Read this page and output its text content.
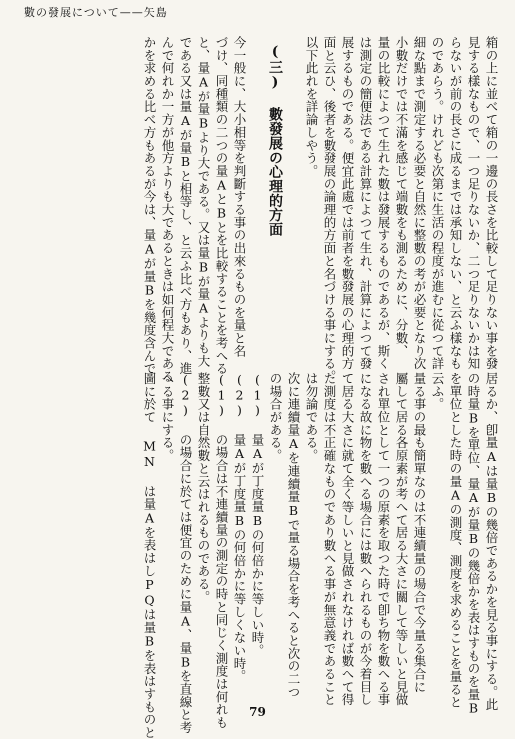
數の發展について——矢島
箱の上に並べて箱の一邊の長さを比較して足りない事を發
見する樣なもので、一つ足りないか、二つ足りないかは知
らないが前の長さに成るまでは承知しない、と云ふ樣なも
のであらう。けれども次第に生活の程度が進むに從つて詳
細な點まで測定する必要と自然に整數の考が必要となり次
小數だけでは不滿を感じて端數をも測るために、分數、
量の比較によつて生れた數は發展するものであるが、斯く
は測定の簡便法である計算によつて生れ、計算によつて發
展するものである。便宜此處では前者を數發展の心理的方
面と云ひ、後者を數發展の論理的方面と名づける事にする。
以下此れを詳論しやう。

(三) 數發展の心理的方面

今一般に、大小相等を判斷する事の出來るものを量と名
づけ、同種類の二つの量AとBとを比較することを考へる
と、量Aが量Bより大である。又は量Bが量Aよりも大
である又は量Aが量Bと相等し、と云ふ比べ方もあり、進
んで何れか一方が他方よりも大であるときは如何程大である
かを求める比べ方もあるが今は、量Aが量Bを幾度含んで
居るか、卽量Aは量Bの幾倍であるかを見る事にする。此
の時量Bを單位、量Aが量Bの幾倍かを表はすものを量B
を單位とした時の量Aの測度、測度を求めることを量ると
云ふ。
量る事の最も簡單なのは不連續量の場合で今量る集合に
屬して居る各原素が考へて居る大さに關して等しいと見做
され單位として一つの原素を取つた時で卽ち物を數へる事
になる故に物を數へる場合には數へられるものが今着目し
て居る大さに就て全く等しいと見做されなければ數へて得
た測度は不正確なものであり數へる事が無意義であること
は勿論である。
次に連續量Aを連續量Bで量る場合を考へると次の二つ
の場合がある。
(1) 量Aが丁度量Bの何倍かに等しい時。
(2) 量Aが丁度量Bの何倍かに等しくない時。
(1) の場合は不連續量の測定の時と同じく測度は何れも
整數又は自然數と云はれるものである。
(2) の場合に於ては便宜のために量A、量Bを直線と考
へる事にする。
圖に於て MN は量Aを表はしPQは量Bを表はすものと	79
